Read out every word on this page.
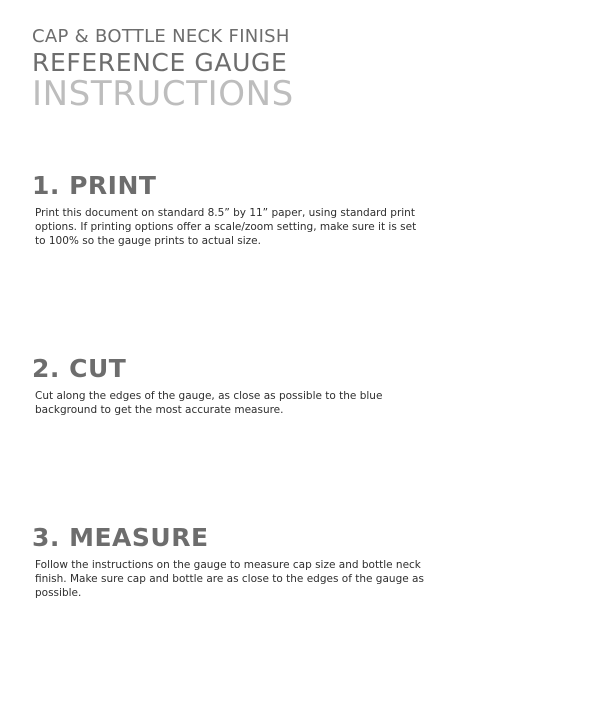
CAP & BOTTLE NECK FINISH
REFERENCE GAUGE
INSTRUCTIONS
1. PRINT

Print this document on standard 8.5” by 11” paper, using standard print options. If printing options offer a scale/zoom setting, make sure it is set to 100% so the gauge prints to actual size.

2. CUT

Cut along the edges of the gauge, as close as possible to the blue background to get the most accurate measure.

3. MEASURE

Follow the instructions on the gauge to measure cap size and bottle neck finish. Make sure cap and bottle are as close to the edges of the gauge as possible.
